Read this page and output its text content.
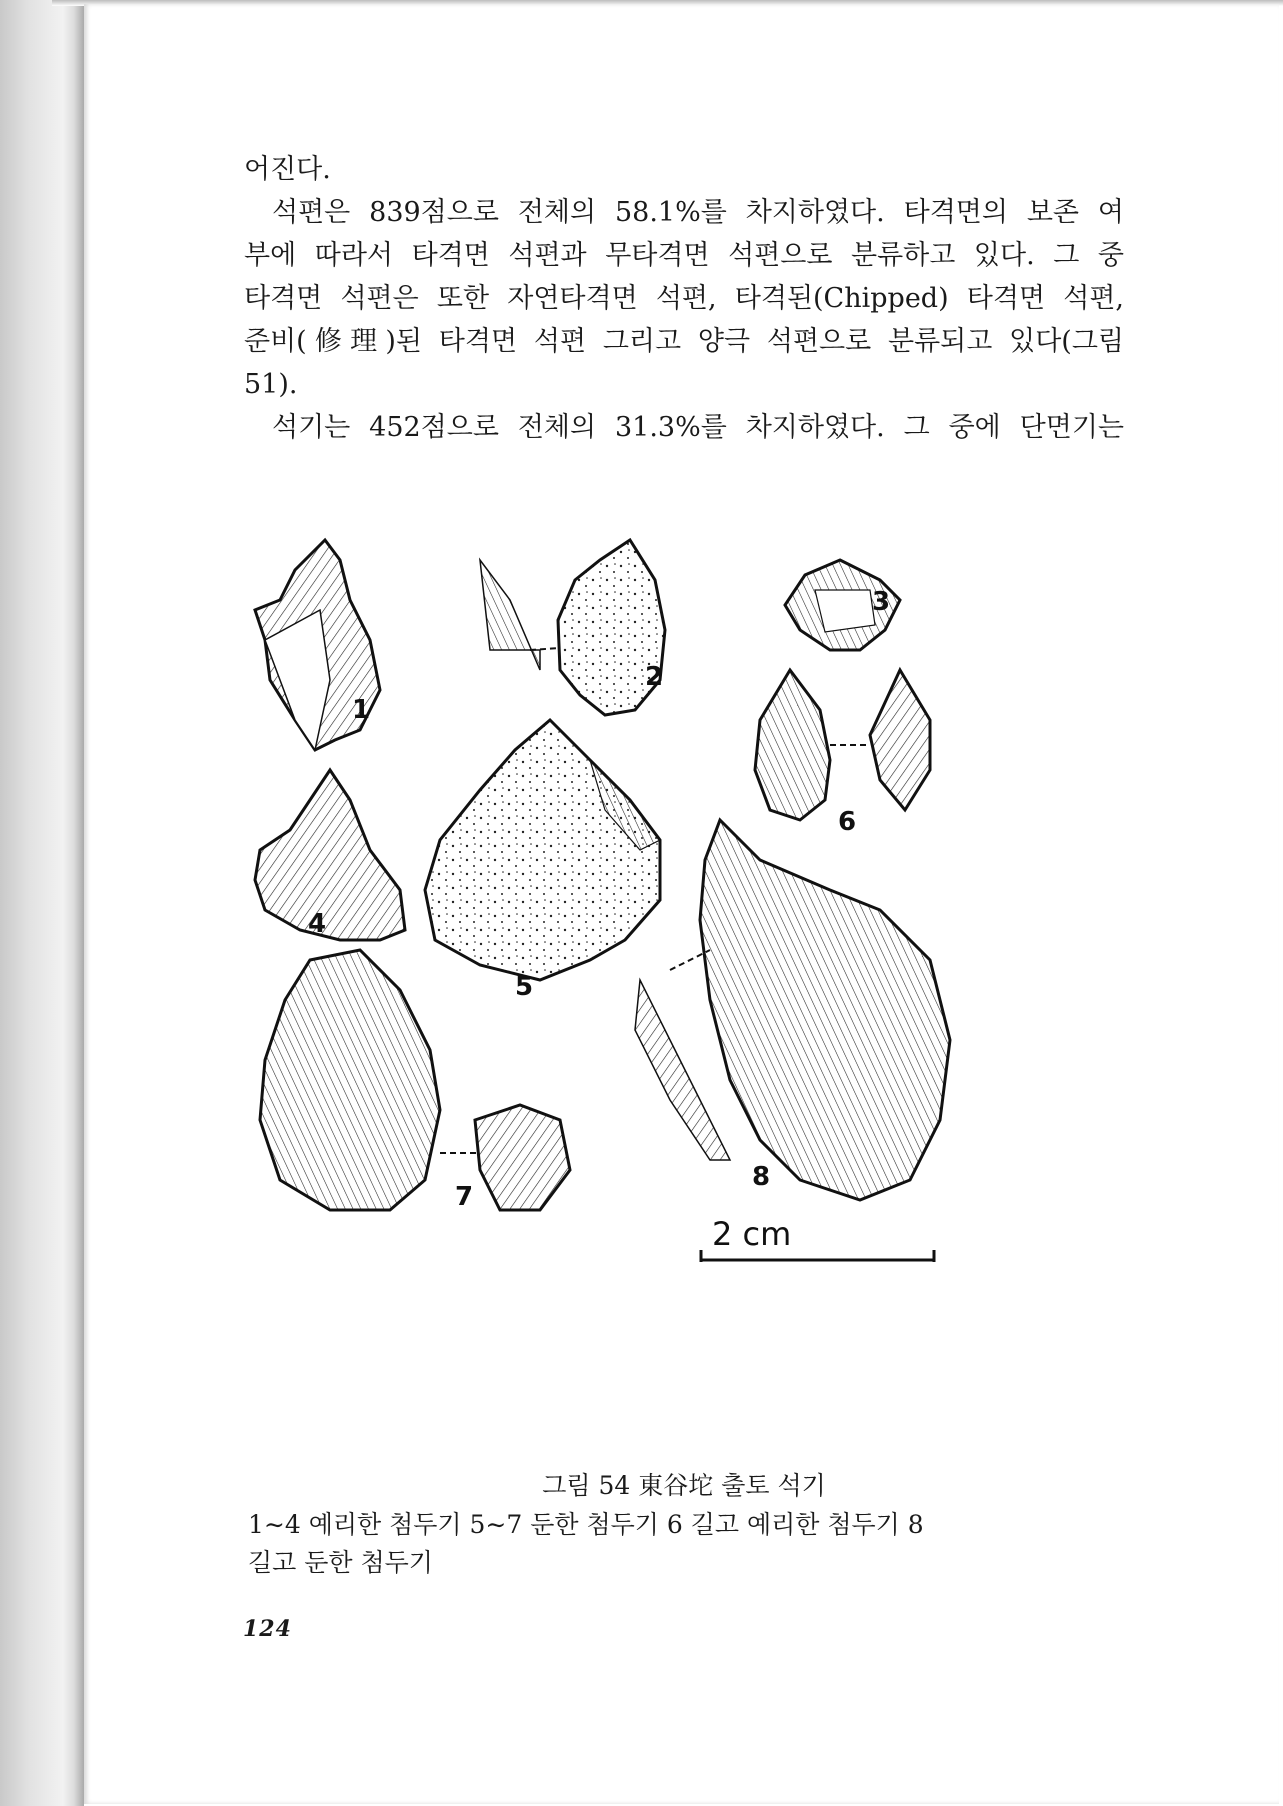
어진다.

석편은 839점으로 전체의 58.1%를 차지하였다. 타격면의 보존 여

부에 따라서 타격면 석편과 무타격면 석편으로 분류하고 있다. 그 중

타격면 석편은 또한 자연타격면 석편, 타격된(Chipped) 타격면 석편,

준비(修理)된 타격면 석편 그리고 양극 석편으로 분류되고 있다(그림

51).

석기는 452점으로 전체의 31.3%를 차지하였다. 그 중에 단면기는

1
2
3
4
5
6
7
8
2 cm
그림 54 東谷坨 출토 석기
1∼4 예리한 첨두기 5∼7 둔한 첨두기 6 길고 예리한 첨두기 8
길고 둔한 첨두기
124
